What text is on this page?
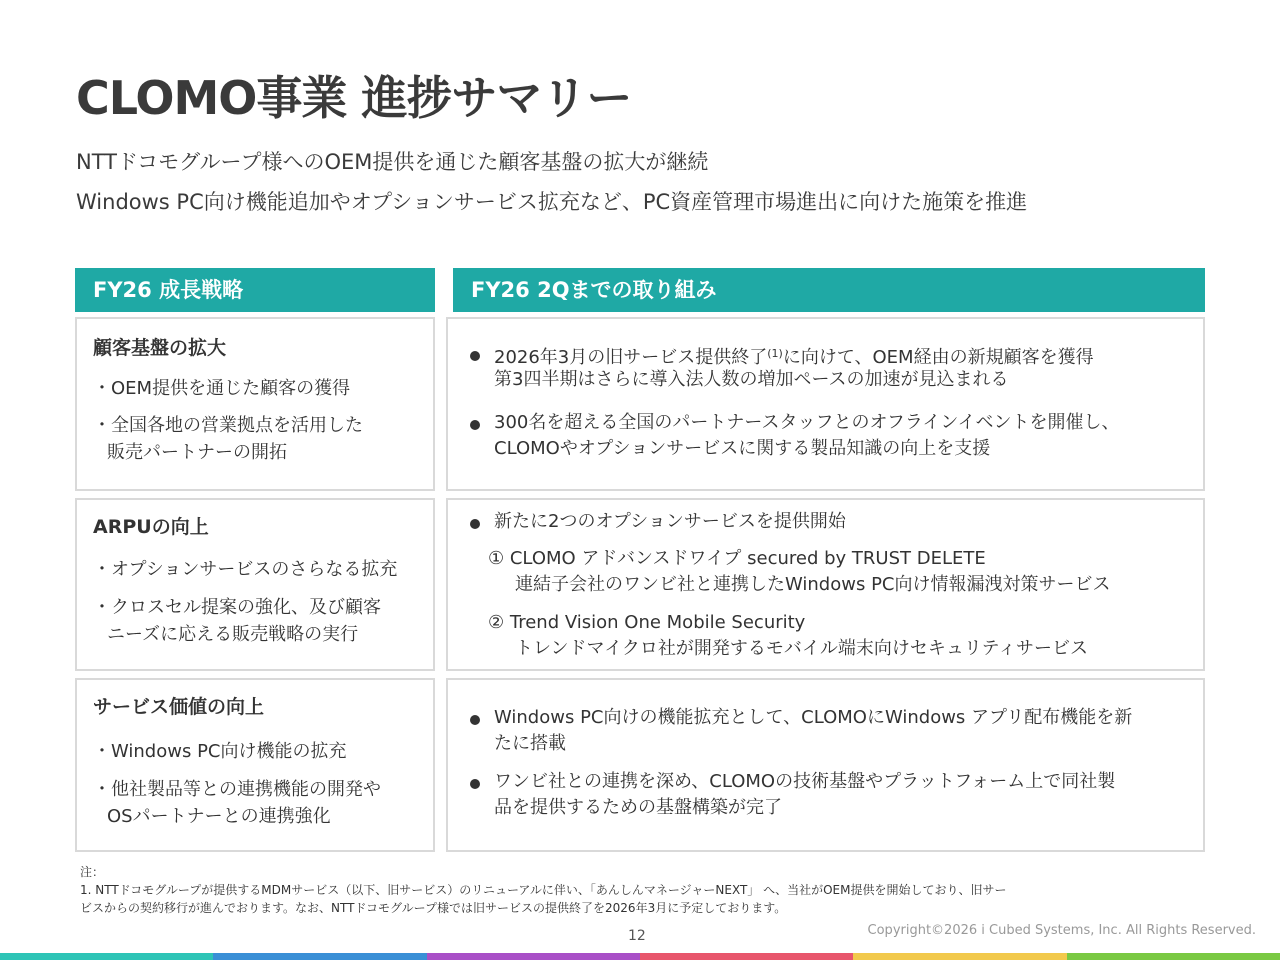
CLOMO事業 進捗サマリー
NTTドコモグループ様へのOEM提供を通じた顧客基盤の拡大が継続
Windows PC向け機能追加やオプションサービス拡充など、PC資産管理市場進出に向けた施策を推進
FY26 成長戦略	FY26 2Qまでの取り組み
顧客基盤の拡大
・OEM提供を通じた顧客の獲得
・全国各地の営業拠点を活用した
販売パートナーの開拓
2026年3月の旧サービス提供終了$^{(1)}$に向けて、OEM経由の新規顧客を獲得
第3四半期はさらに導入法人数の増加ペースの加速が見込まれる
300名を超える全国のパートナースタッフとのオフラインイベントを開催し、
CLOMOやオプションサービスに関する製品知識の向上を支援
ARPUの向上
・オプションサービスのさらなる拡充
・クロスセル提案の強化、及び顧客
ニーズに応える販売戦略の実行
新たに2つのオプションサービスを提供開始
① CLOMO アドバンスドワイプ secured by TRUST DELETE
連結子会社のワンビ社と連携したWindows PC向け情報漏洩対策サービス
② Trend Vision One Mobile Security
トレンドマイクロ社が開発するモバイル端末向けセキュリティサービス
サービス価値の向上
・Windows PC向け機能の拡充
・他社製品等との連携機能の開発や
OSパートナーとの連携強化
Windows PC向けの機能拡充として、CLOMOにWindows アプリ配布機能を新
たに搭載
ワンビ社との連携を深め、CLOMOの技術基盤やプラットフォーム上で同社製
品を提供するための基盤構築が完了
注：
1. NTTドコモグループが提供するMDMサービス（以下、旧サービス）のリニューアルに伴い、「あんしんマネージャーNEXT」 へ、当社がOEM提供を開始しており、旧サー
ビスからの契約移行が進んでおります。なお、NTTドコモグループ様では旧サービスの提供終了を2026年3月に予定しております。
12	Copyright©2026 i Cubed Systems, Inc. All Rights Reserved.
